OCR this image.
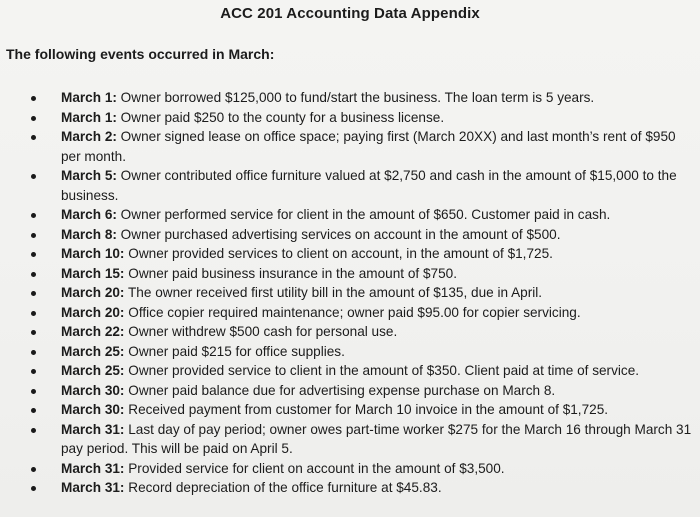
ACC 201 Accounting Data Appendix
The following events occurred in March:
March 1: Owner borrowed $125,000 to fund/start the business. The loan term is 5 years.
March 1: Owner paid $250 to the county for a business license.
March 2: Owner signed lease on office space; paying first (March 20XX) and last month’s rent of $950 per month.
March 5: Owner contributed office furniture valued at $2,750 and cash in the amount of $15,000 to the business.
March 6: Owner performed service for client in the amount of $650. Customer paid in cash.
March 8: Owner purchased advertising services on account in the amount of $500.
March 10: Owner provided services to client on account, in the amount of $1,725.
March 15: Owner paid business insurance in the amount of $750.
March 20: The owner received first utility bill in the amount of $135, due in April.
March 20: Office copier required maintenance; owner paid $95.00 for copier servicing.
March 22: Owner withdrew $500 cash for personal use.
March 25: Owner paid $215 for office supplies.
March 25: Owner provided service to client in the amount of $350. Client paid at time of service.
March 30: Owner paid balance due for advertising expense purchase on March 8.
March 30: Received payment from customer for March 10 invoice in the amount of $1,725.
March 31: Last day of pay period; owner owes part-time worker $275 for the March 16 through March 31 pay period. This will be paid on April 5.
March 31: Provided service for client on account in the amount of $3,500.
March 31: Record depreciation of the office furniture at $45.83.
